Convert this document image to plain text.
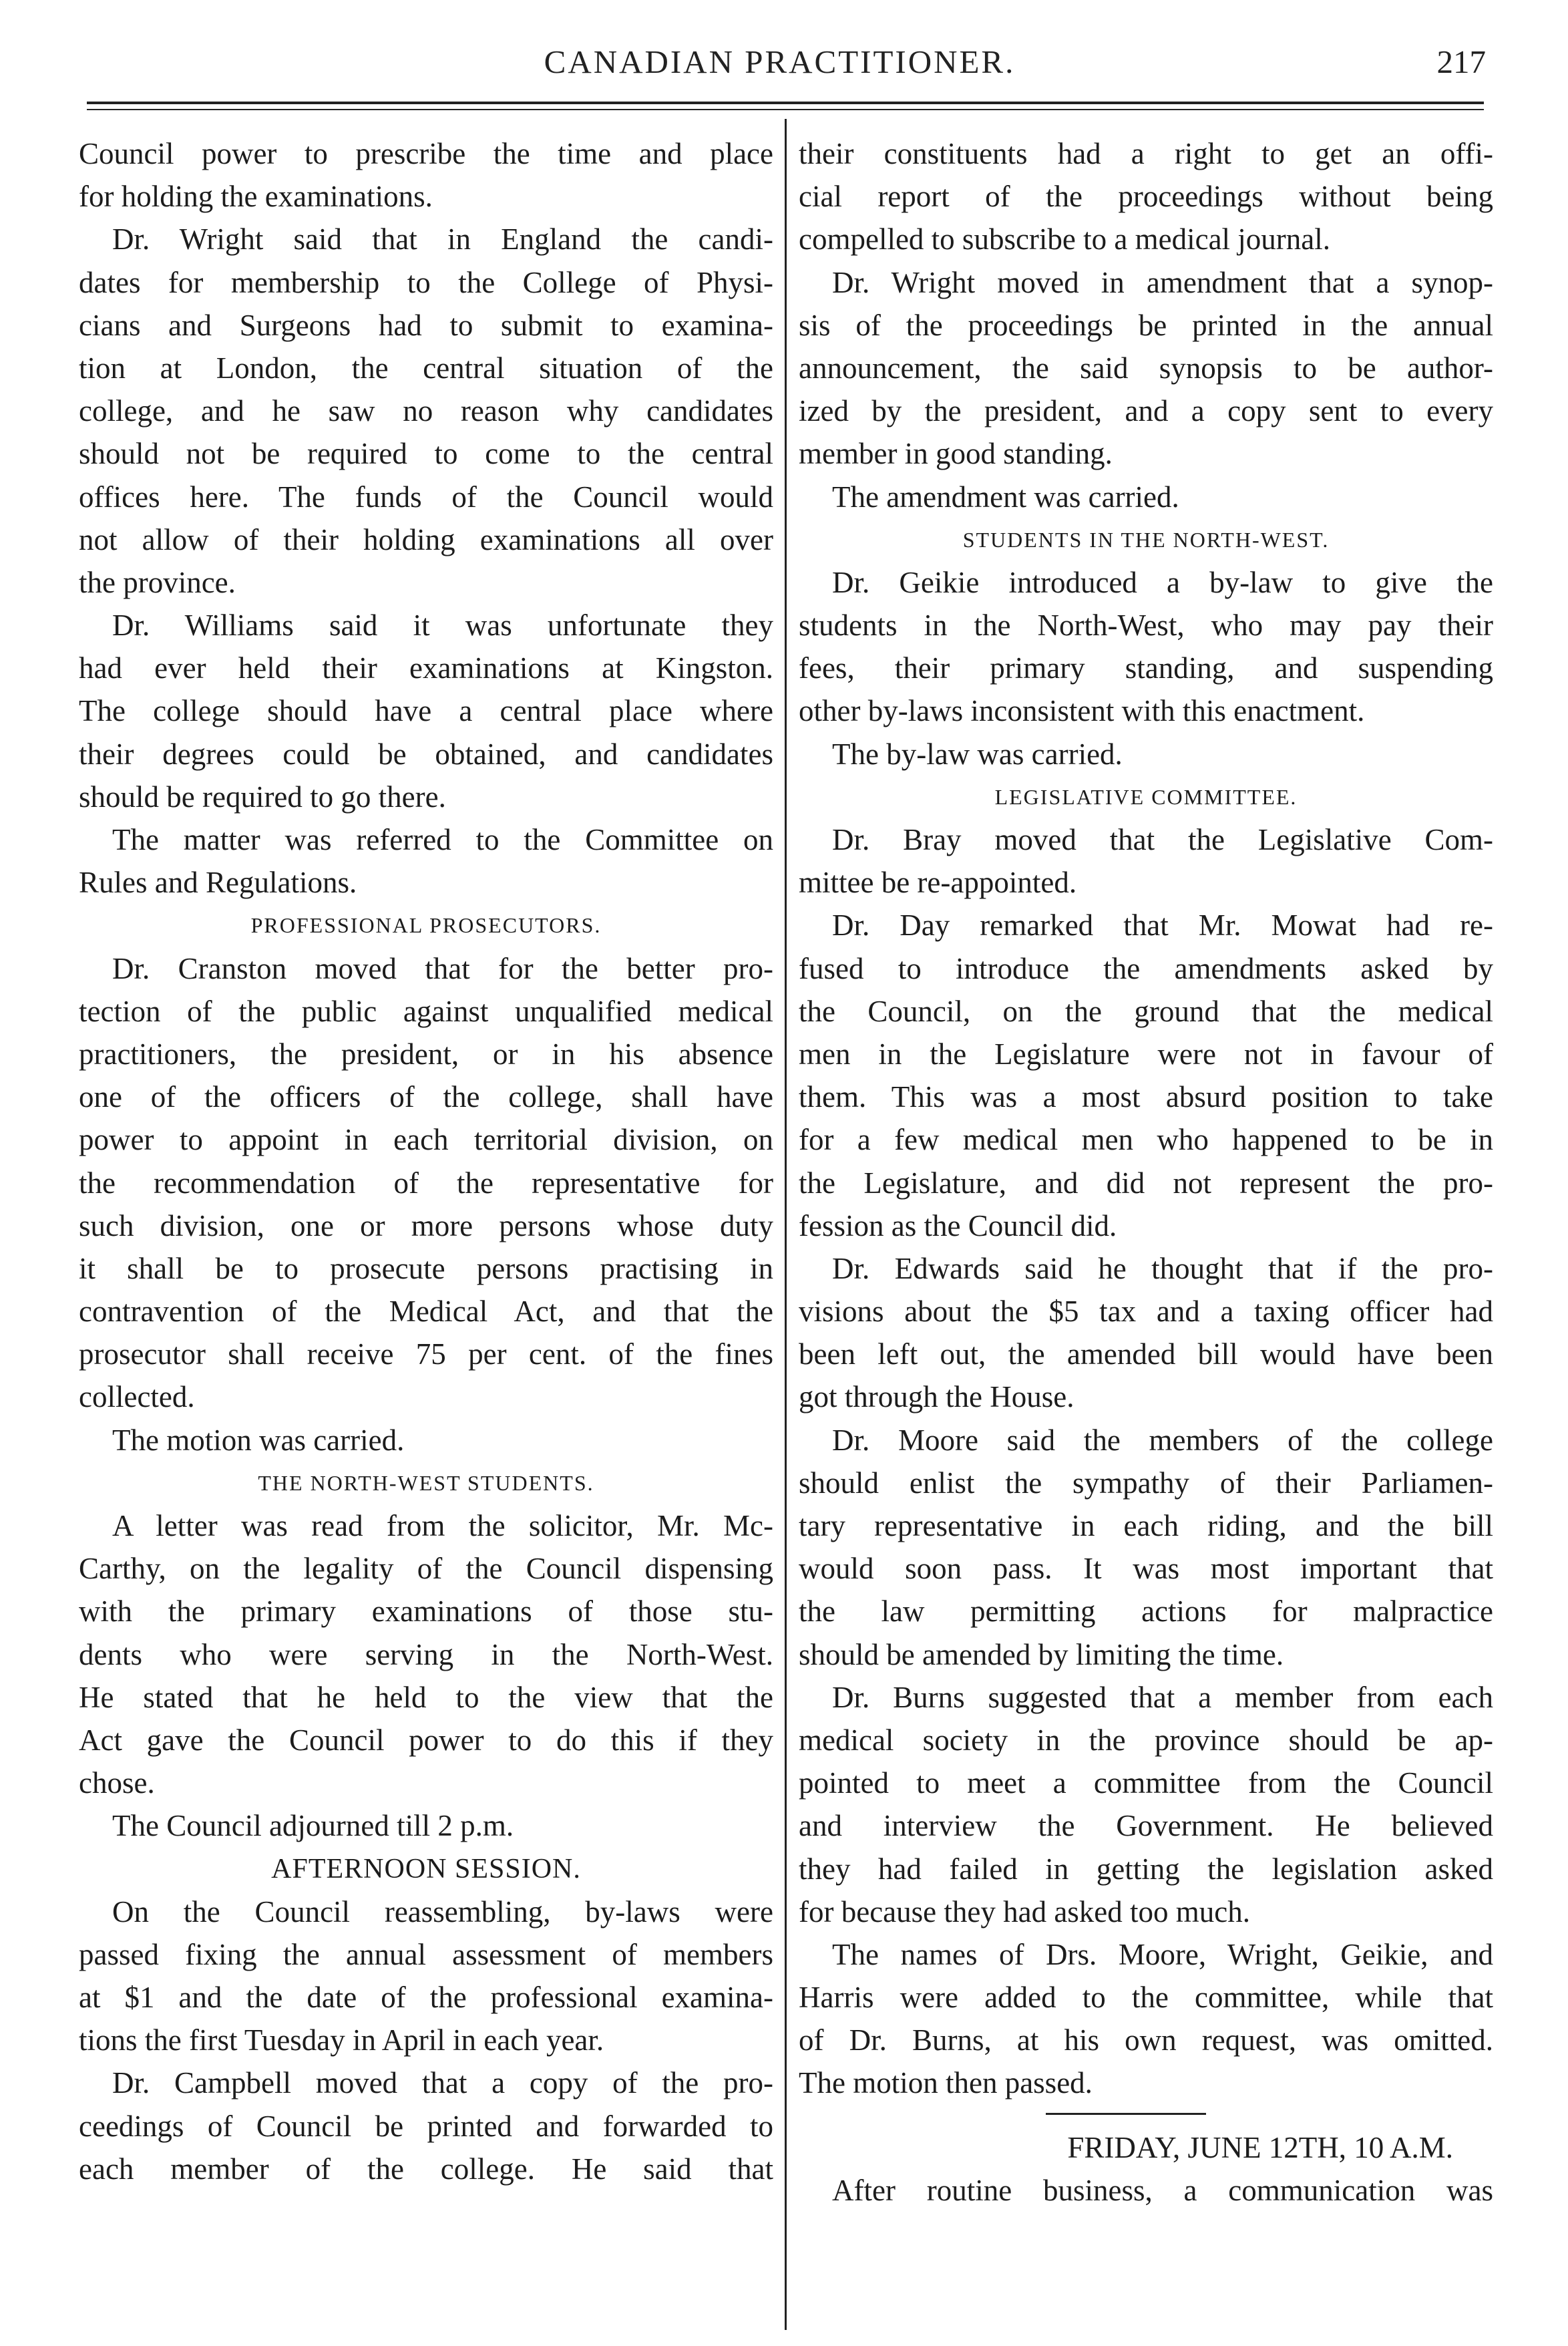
CANADIAN PRACTITIONER.	217
Council power to prescribe the time and place
for holding the examinations.
Dr. Wright said that in England the candi-
dates for membership to the College of Physi-
cians and Surgeons had to submit to examina-
tion at London, the central situation of the
college, and he saw no reason why candidates
should not be required to come to the central
offices here. The funds of the Council would
not allow of their holding examinations all over
the province.
Dr. Williams said it was unfortunate they
had ever held their examinations at Kingston.
The college should have a central place where
their degrees could be obtained, and candidates
should be required to go there.
The matter was referred to the Committee on
Rules and Regulations.
PROFESSIONAL PROSECUTORS.
Dr. Cranston moved that for the better pro-
tection of the public against unqualified medical
practitioners, the president, or in his absence
one of the officers of the college, shall have
power to appoint in each territorial division, on
the recommendation of the representative for
such division, one or more persons whose duty
it shall be to prosecute persons practising in
contravention of the Medical Act, and that the
prosecutor shall receive 75 per cent. of the fines
collected.
The motion was carried.
THE NORTH-WEST STUDENTS.
A letter was read from the solicitor, Mr. Mc-
Carthy, on the legality of the Council dispensing
with the primary examinations of those stu-
dents who were serving in the North-West.
He stated that he held to the view that the
Act gave the Council power to do this if they
chose.
The Council adjourned till 2 p.m.
AFTERNOON SESSION.
On the Council reassembling, by-laws were
passed fixing the annual assessment of members
at $1 and the date of the professional examina-
tions the first Tuesday in April in each year.
Dr. Campbell moved that a copy of the pro-
ceedings of Council be printed and forwarded to
each member of the college. He said that
their constituents had a right to get an offi-
cial report of the proceedings without being
compelled to subscribe to a medical journal.
Dr. Wright moved in amendment that a synop-
sis of the proceedings be printed in the annual
announcement, the said synopsis to be author-
ized by the president, and a copy sent to every
member in good standing.
The amendment was carried.
STUDENTS IN THE NORTH-WEST.
Dr. Geikie introduced a by-law to give the
students in the North-West, who may pay their
fees, their primary standing, and suspending
other by-laws inconsistent with this enactment.
The by-law was carried.
LEGISLATIVE COMMITTEE.
Dr. Bray moved that the Legislative Com-
mittee be re-appointed.
Dr. Day remarked that Mr. Mowat had re-
fused to introduce the amendments asked by
the Council, on the ground that the medical
men in the Legislature were not in favour of
them. This was a most absurd position to take
for a few medical men who happened to be in
the Legislature, and did not represent the pro-
fession as the Council did.
Dr. Edwards said he thought that if the pro-
visions about the $5 tax and a taxing officer had
been left out, the amended bill would have been
got through the House.
Dr. Moore said the members of the college
should enlist the sympathy of their Parliamen-
tary representative in each riding, and the bill
would soon pass. It was most important that
the law permitting actions for malpractice
should be amended by limiting the time.
Dr. Burns suggested that a member from each
medical society in the province should be ap-
pointed to meet a committee from the Council
and interview the Government. He believed
they had failed in getting the legislation asked
for because they had asked too much.
The names of Drs. Moore, Wright, Geikie, and
Harris were added to the committee, while that
of Dr. Burns, at his own request, was omitted.
The motion then passed.
FRIDAY, JUNE 12TH, 10 A.M.
After routine business, a communication was
